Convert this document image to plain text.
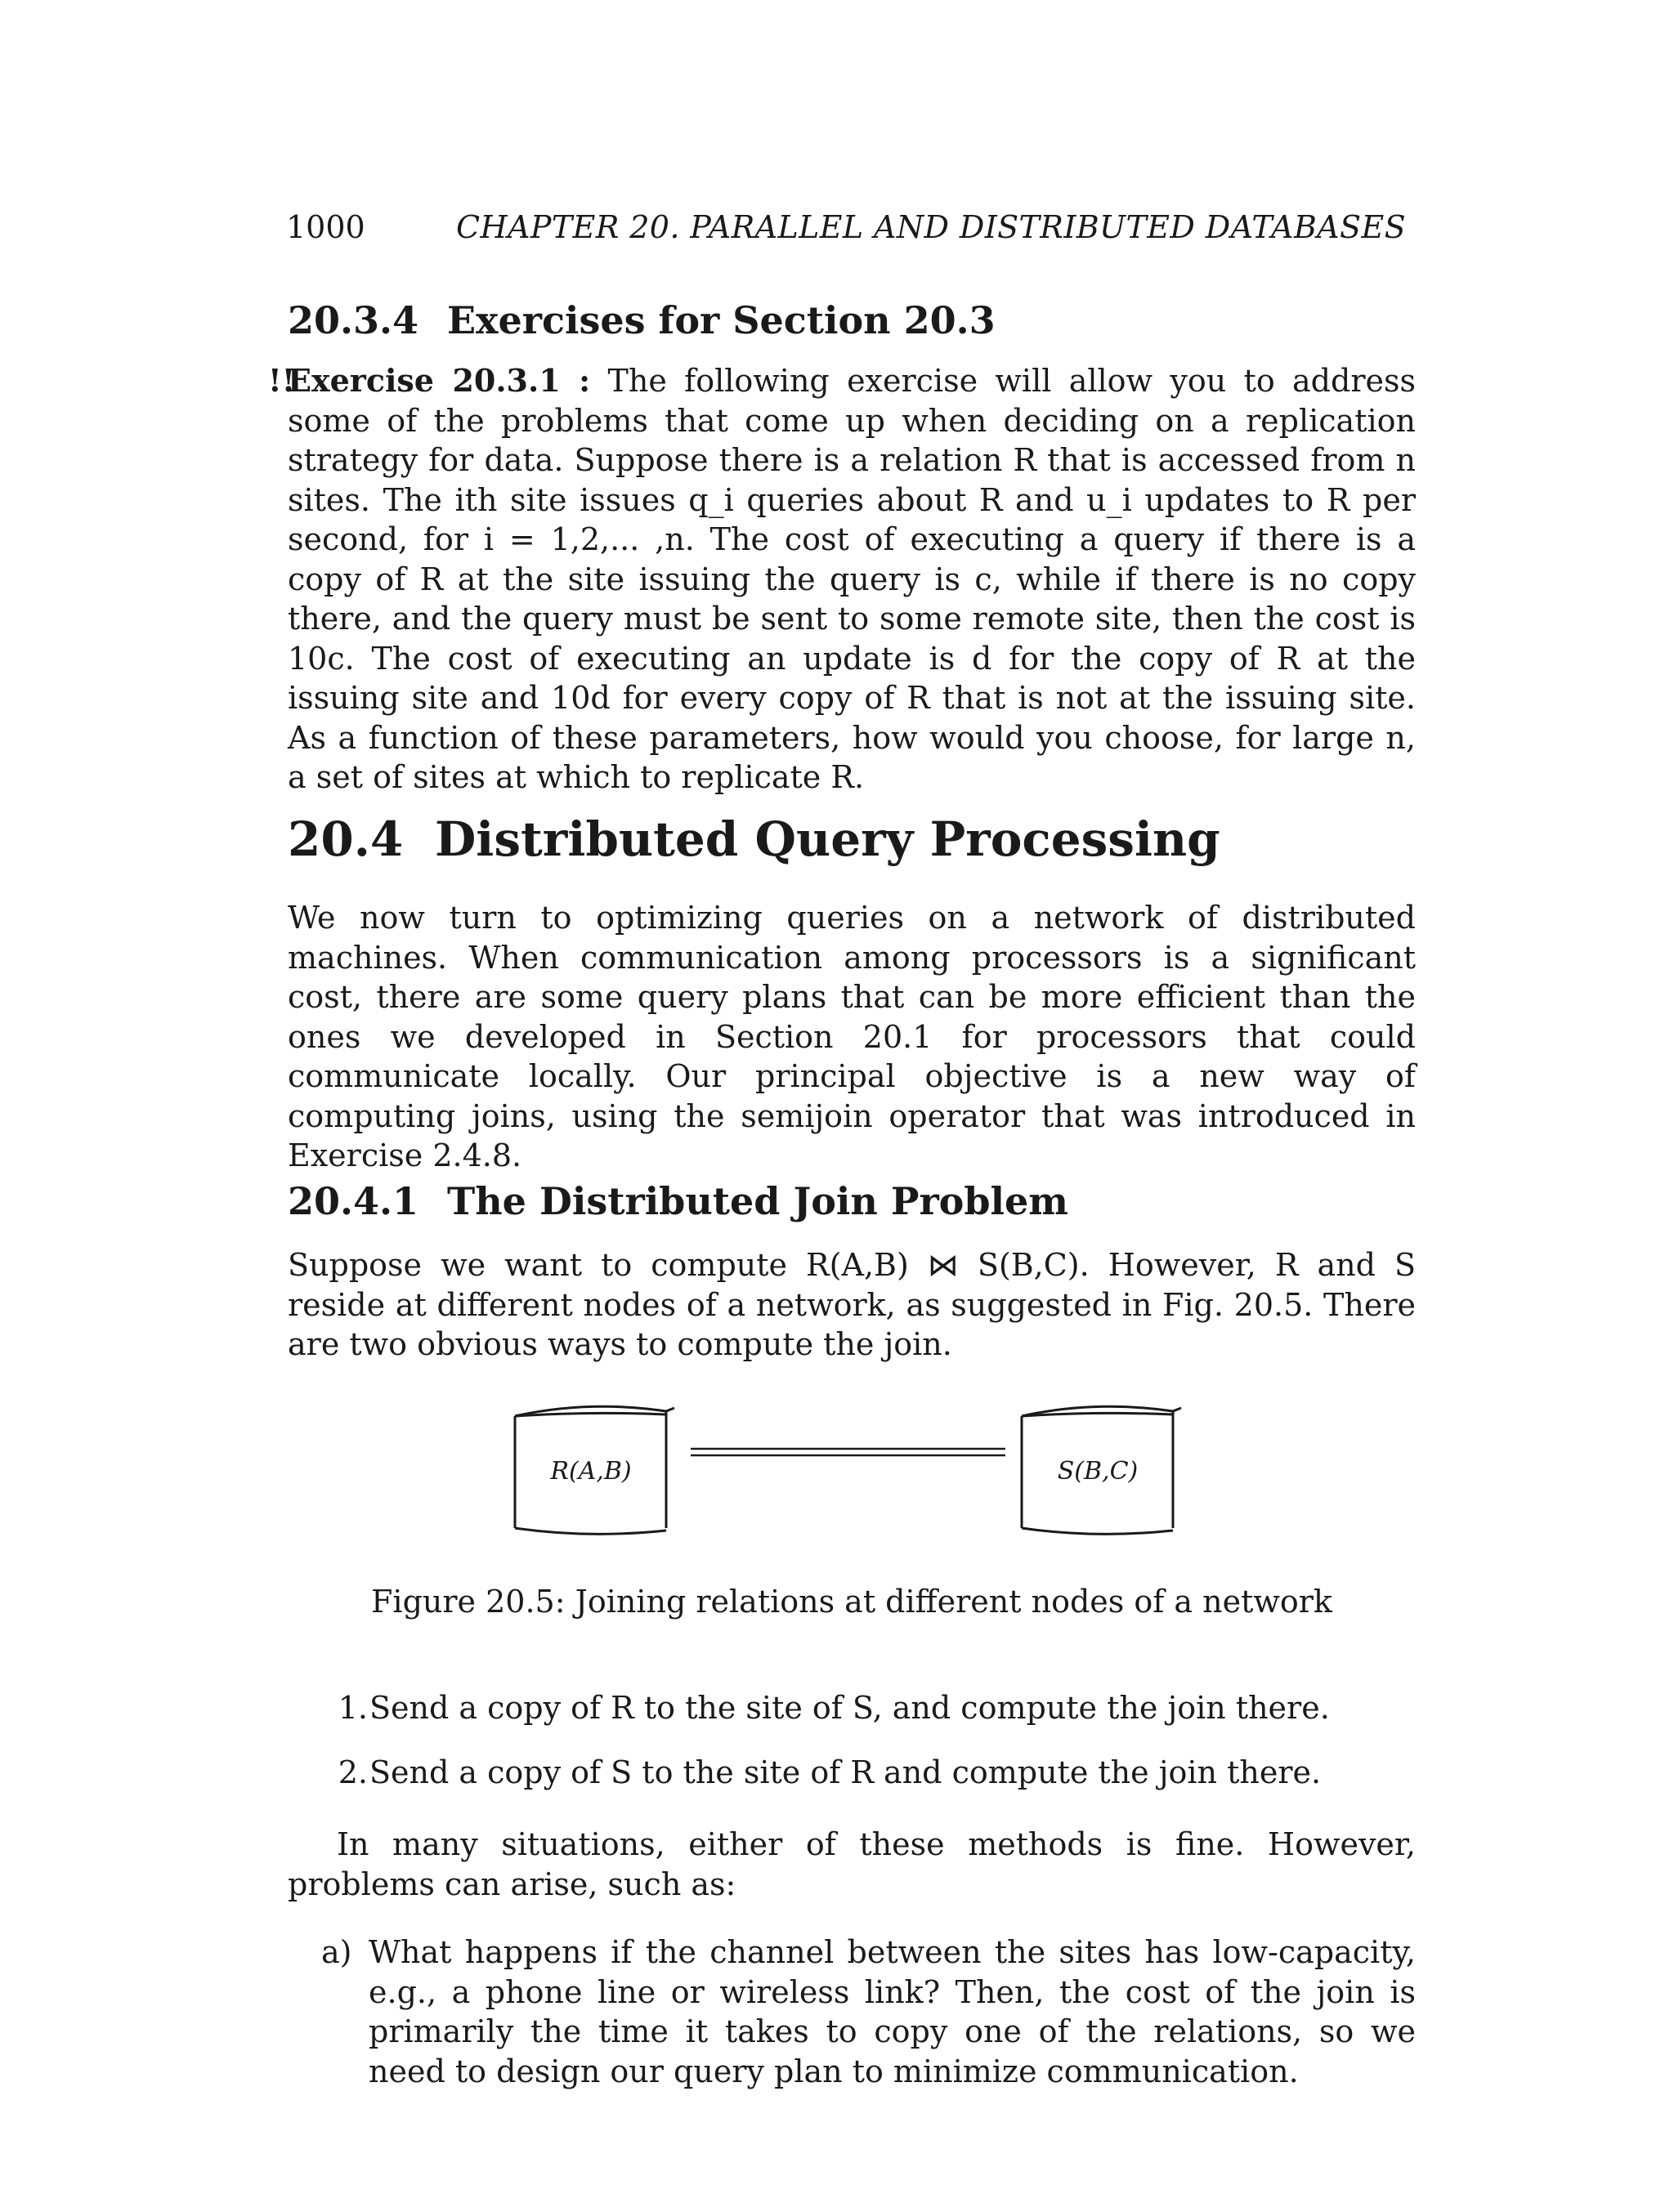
1000	CHAPTER 20. PARALLEL AND DISTRIBUTED DATABASES
20.3.4 Exercises for Section 20.3

!!
Exercise 20.3.1 : The following exercise will allow you to address some of the problems that come up when deciding on a replication strategy for data. Suppose there is a relation R that is accessed from n sites. The ith site issues q_i queries about R and u_i updates to R per second, for i = 1,2,... ,n. The cost of executing a query if there is a copy of R at the site issuing the query is c, while if there is no copy there, and the query must be sent to some remote site, then the cost is 10c. The cost of executing an update is d for the copy of R at the issuing site and 10d for every copy of R that is not at the issuing site. As a function of these parameters, how would you choose, for large n, a set of sites at which to replicate R.

20.4 Distributed Query Processing

We now turn to optimizing queries on a network of distributed machines. When communication among processors is a significant cost, there are some query plans that can be more efficient than the ones we developed in Section 20.1 for processors that could communicate locally. Our principal objective is a new way of computing joins, using the semijoin operator that was introduced in Exercise 2.4.8.

20.4.1 The Distributed Join Problem

Suppose we want to compute R(A,B) ⋈ S(B,C). However, R and S reside at different nodes of a network, as suggested in Fig. 20.5. There are two obvious ways to compute the join.

R(A,B)	S(B,C)
Figure 20.5: Joining relations at different nodes of a network
1. Send a copy of R to the site of S, and compute the join there.
2. Send a copy of S to the site of R and compute the join there.

In many situations, either of these methods is fine. However, problems can arise, such as:

a) What happens if the channel between the sites has low-capacity, e.g., a phone line or wireless link? Then, the cost of the join is primarily the time it takes to copy one of the relations, so we need to design our query plan to minimize communication.
